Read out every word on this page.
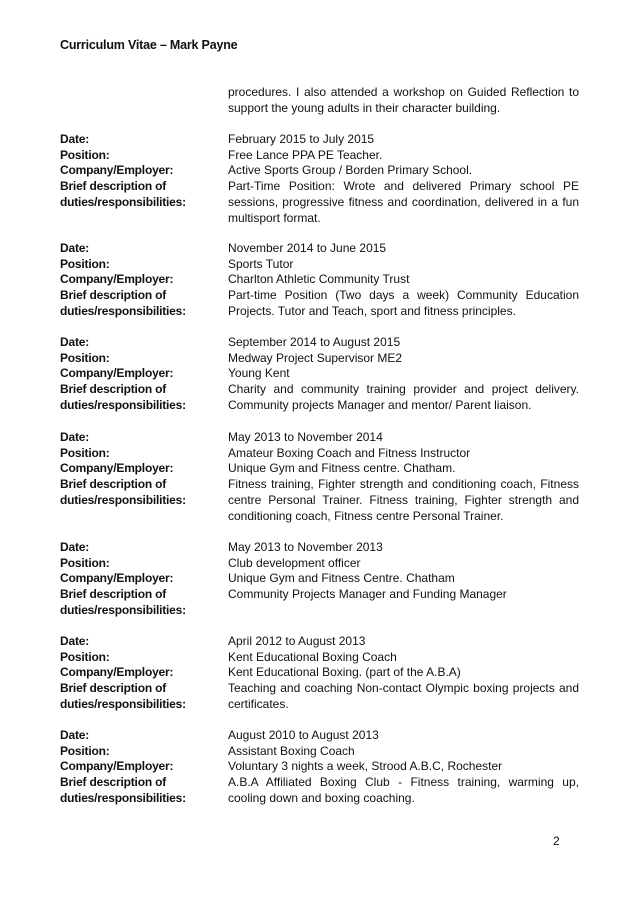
Curriculum Vitae – Mark Payne
procedures. I also attended a workshop on Guided Reflection to support the young adults in their character building.
Date:	February 2015 to July 2015
Position:	Free Lance PPA PE Teacher.
Company/Employer:	Active Sports Group / Borden Primary School.
Brief description of
duties/responsibilities:
Part-Time Position: Wrote and delivered Primary school PE sessions, progressive fitness and coordination, delivered in a fun multisport format.
Date:	November 2014 to June 2015
Position:	Sports Tutor
Company/Employer:	Charlton Athletic Community Trust
Brief description of
duties/responsibilities:
Part-time Position (Two days a week) Community Education Projects. Tutor and Teach, sport and fitness principles.
Date:	September 2014 to August 2015
Position:	Medway Project Supervisor ME2
Company/Employer:	Young Kent
Brief description of
duties/responsibilities:
Charity and community training provider and project delivery. Community projects Manager and mentor/ Parent liaison.
Date:	May 2013 to November 2014
Position:	Amateur Boxing Coach and Fitness Instructor
Company/Employer:	Unique Gym and Fitness centre. Chatham.
Brief description of
duties/responsibilities:
Fitness training, Fighter strength and conditioning coach, Fitness centre Personal Trainer. Fitness training, Fighter strength and conditioning coach, Fitness centre Personal Trainer.
Date:	May 2013 to November 2013
Position:	Club development officer
Company/Employer:	Unique Gym and Fitness Centre. Chatham
Brief description of
duties/responsibilities:
Community Projects Manager and Funding Manager
Date:	April 2012 to August 2013
Position:	Kent Educational Boxing Coach
Company/Employer:	Kent Educational Boxing. (part of the A.B.A)
Brief description of
duties/responsibilities:
Teaching and coaching Non-contact Olympic boxing projects and certificates.
Date:	August 2010 to August 2013
Position:	Assistant Boxing Coach
Company/Employer:	Voluntary 3 nights a week, Strood A.B.C, Rochester
Brief description of
duties/responsibilities:
A.B.A Affiliated Boxing Club - Fitness training, warming up, cooling down and boxing coaching.
2
